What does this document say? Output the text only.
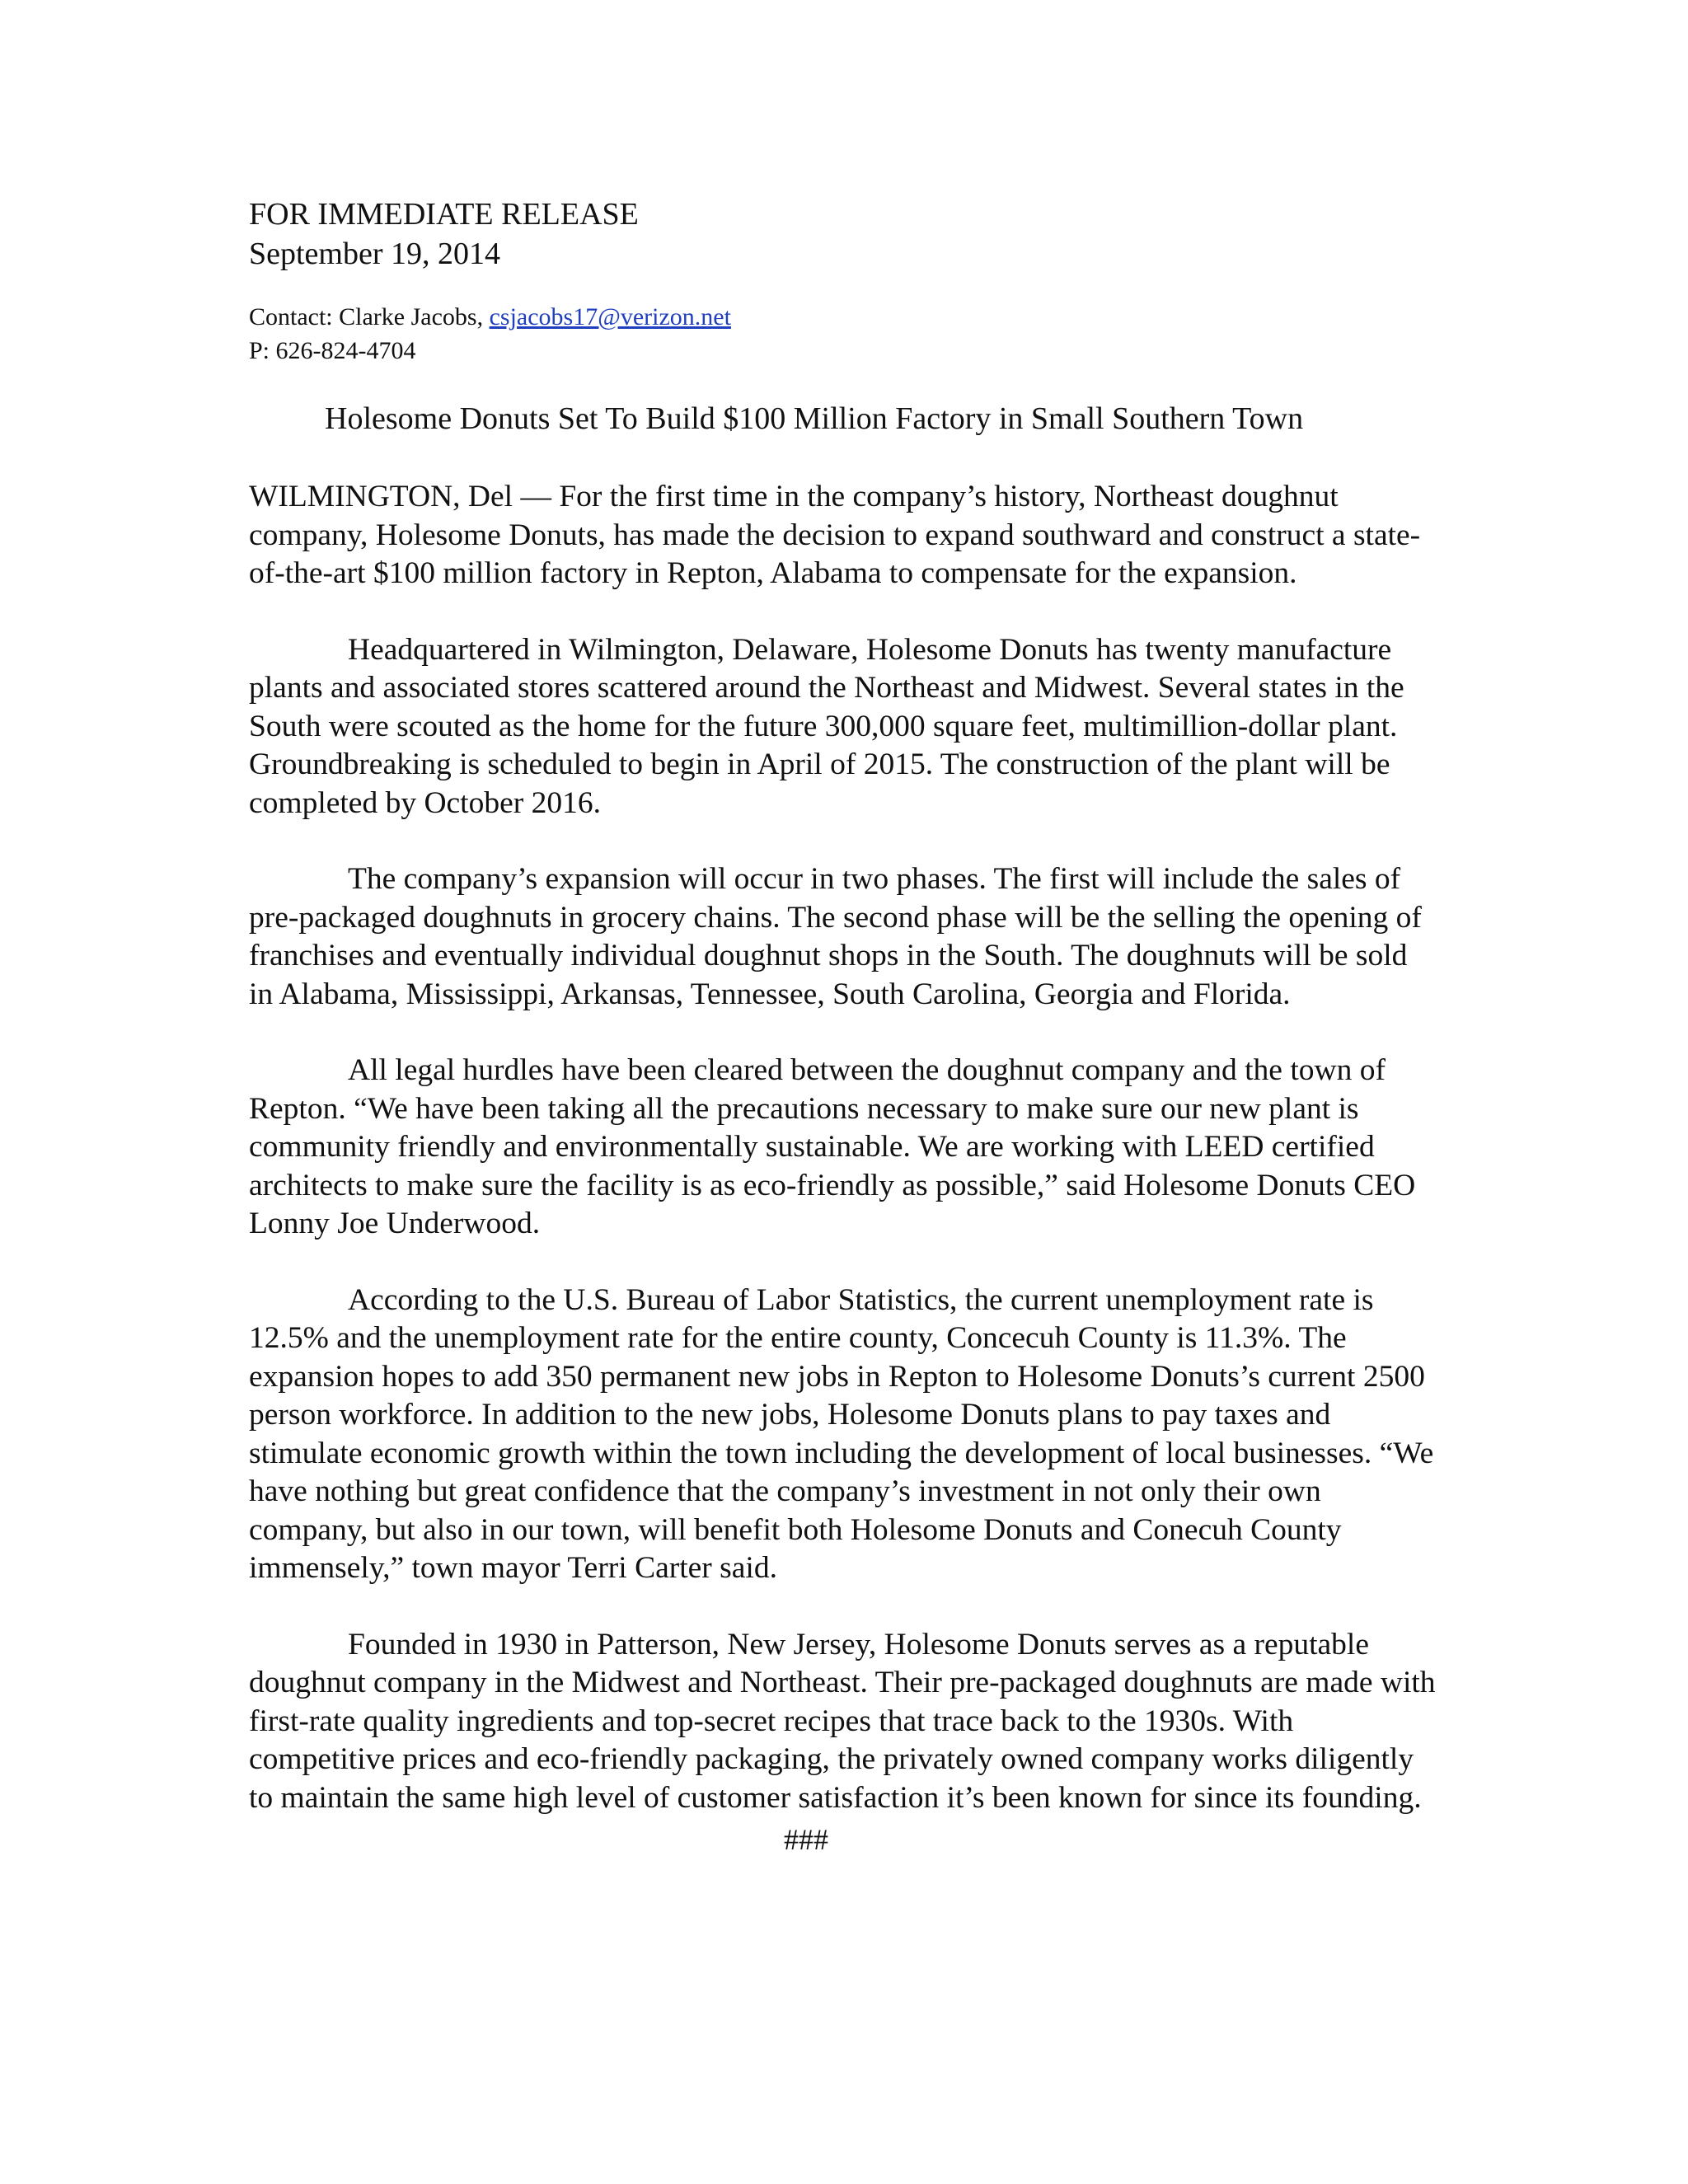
FOR IMMEDIATE RELEASE
September 19, 2014
Contact: Clarke Jacobs, csjacobs17@verizon.net
P: 626-824-4704
Holesome Donuts Set To Build $100 Million Factory in Small Southern Town

WILMINGTON, Del — For the first time in the company’s history, Northeast doughnut company, Holesome Donuts, has made the decision to expand southward and construct a state-of-the-art $100 million factory in Repton, Alabama to compensate for the expansion.

Headquartered in Wilmington, Delaware, Holesome Donuts has twenty manufacture plants and associated stores scattered around the Northeast and Midwest. Several states in the South were scouted as the home for the future 300,000 square feet, multimillion-dollar plant. Groundbreaking is scheduled to begin in April of 2015. The construction of the plant will be completed by October 2016.

The company’s expansion will occur in two phases. The first will include the sales of pre-packaged doughnuts in grocery chains. The second phase will be the selling the opening of franchises and eventually individual doughnut shops in the South. The doughnuts will be sold in Alabama, Mississippi, Arkansas, Tennessee, South Carolina, Georgia and Florida.

All legal hurdles have been cleared between the doughnut company and the town of Repton. “We have been taking all the precautions necessary to make sure our new plant is community friendly and environmentally sustainable. We are working with LEED certified architects to make sure the facility is as eco-friendly as possible,” said Holesome Donuts CEO Lonny Joe Underwood.

According to the U.S. Bureau of Labor Statistics, the current unemployment rate is 12.5% and the unemployment rate for the entire county, Concecuh County is 11.3%. The expansion hopes to add 350 permanent new jobs in Repton to Holesome Donuts’s current 2500 person workforce. In addition to the new jobs, Holesome Donuts plans to pay taxes and stimulate economic growth within the town including the development of local businesses. “We have nothing but great confidence that the company’s investment in not only their own company, but also in our town, will benefit both Holesome Donuts and Conecuh County immensely,” town mayor Terri Carter said.

Founded in 1930 in Patterson, New Jersey, Holesome Donuts serves as a reputable doughnut company in the Midwest and Northeast. Their pre-packaged doughnuts are made with first-rate quality ingredients and top-secret recipes that trace back to the 1930s. With competitive prices and eco-friendly packaging, the privately owned company works diligently to maintain the same high level of customer satisfaction it’s been known for since its founding.

###
